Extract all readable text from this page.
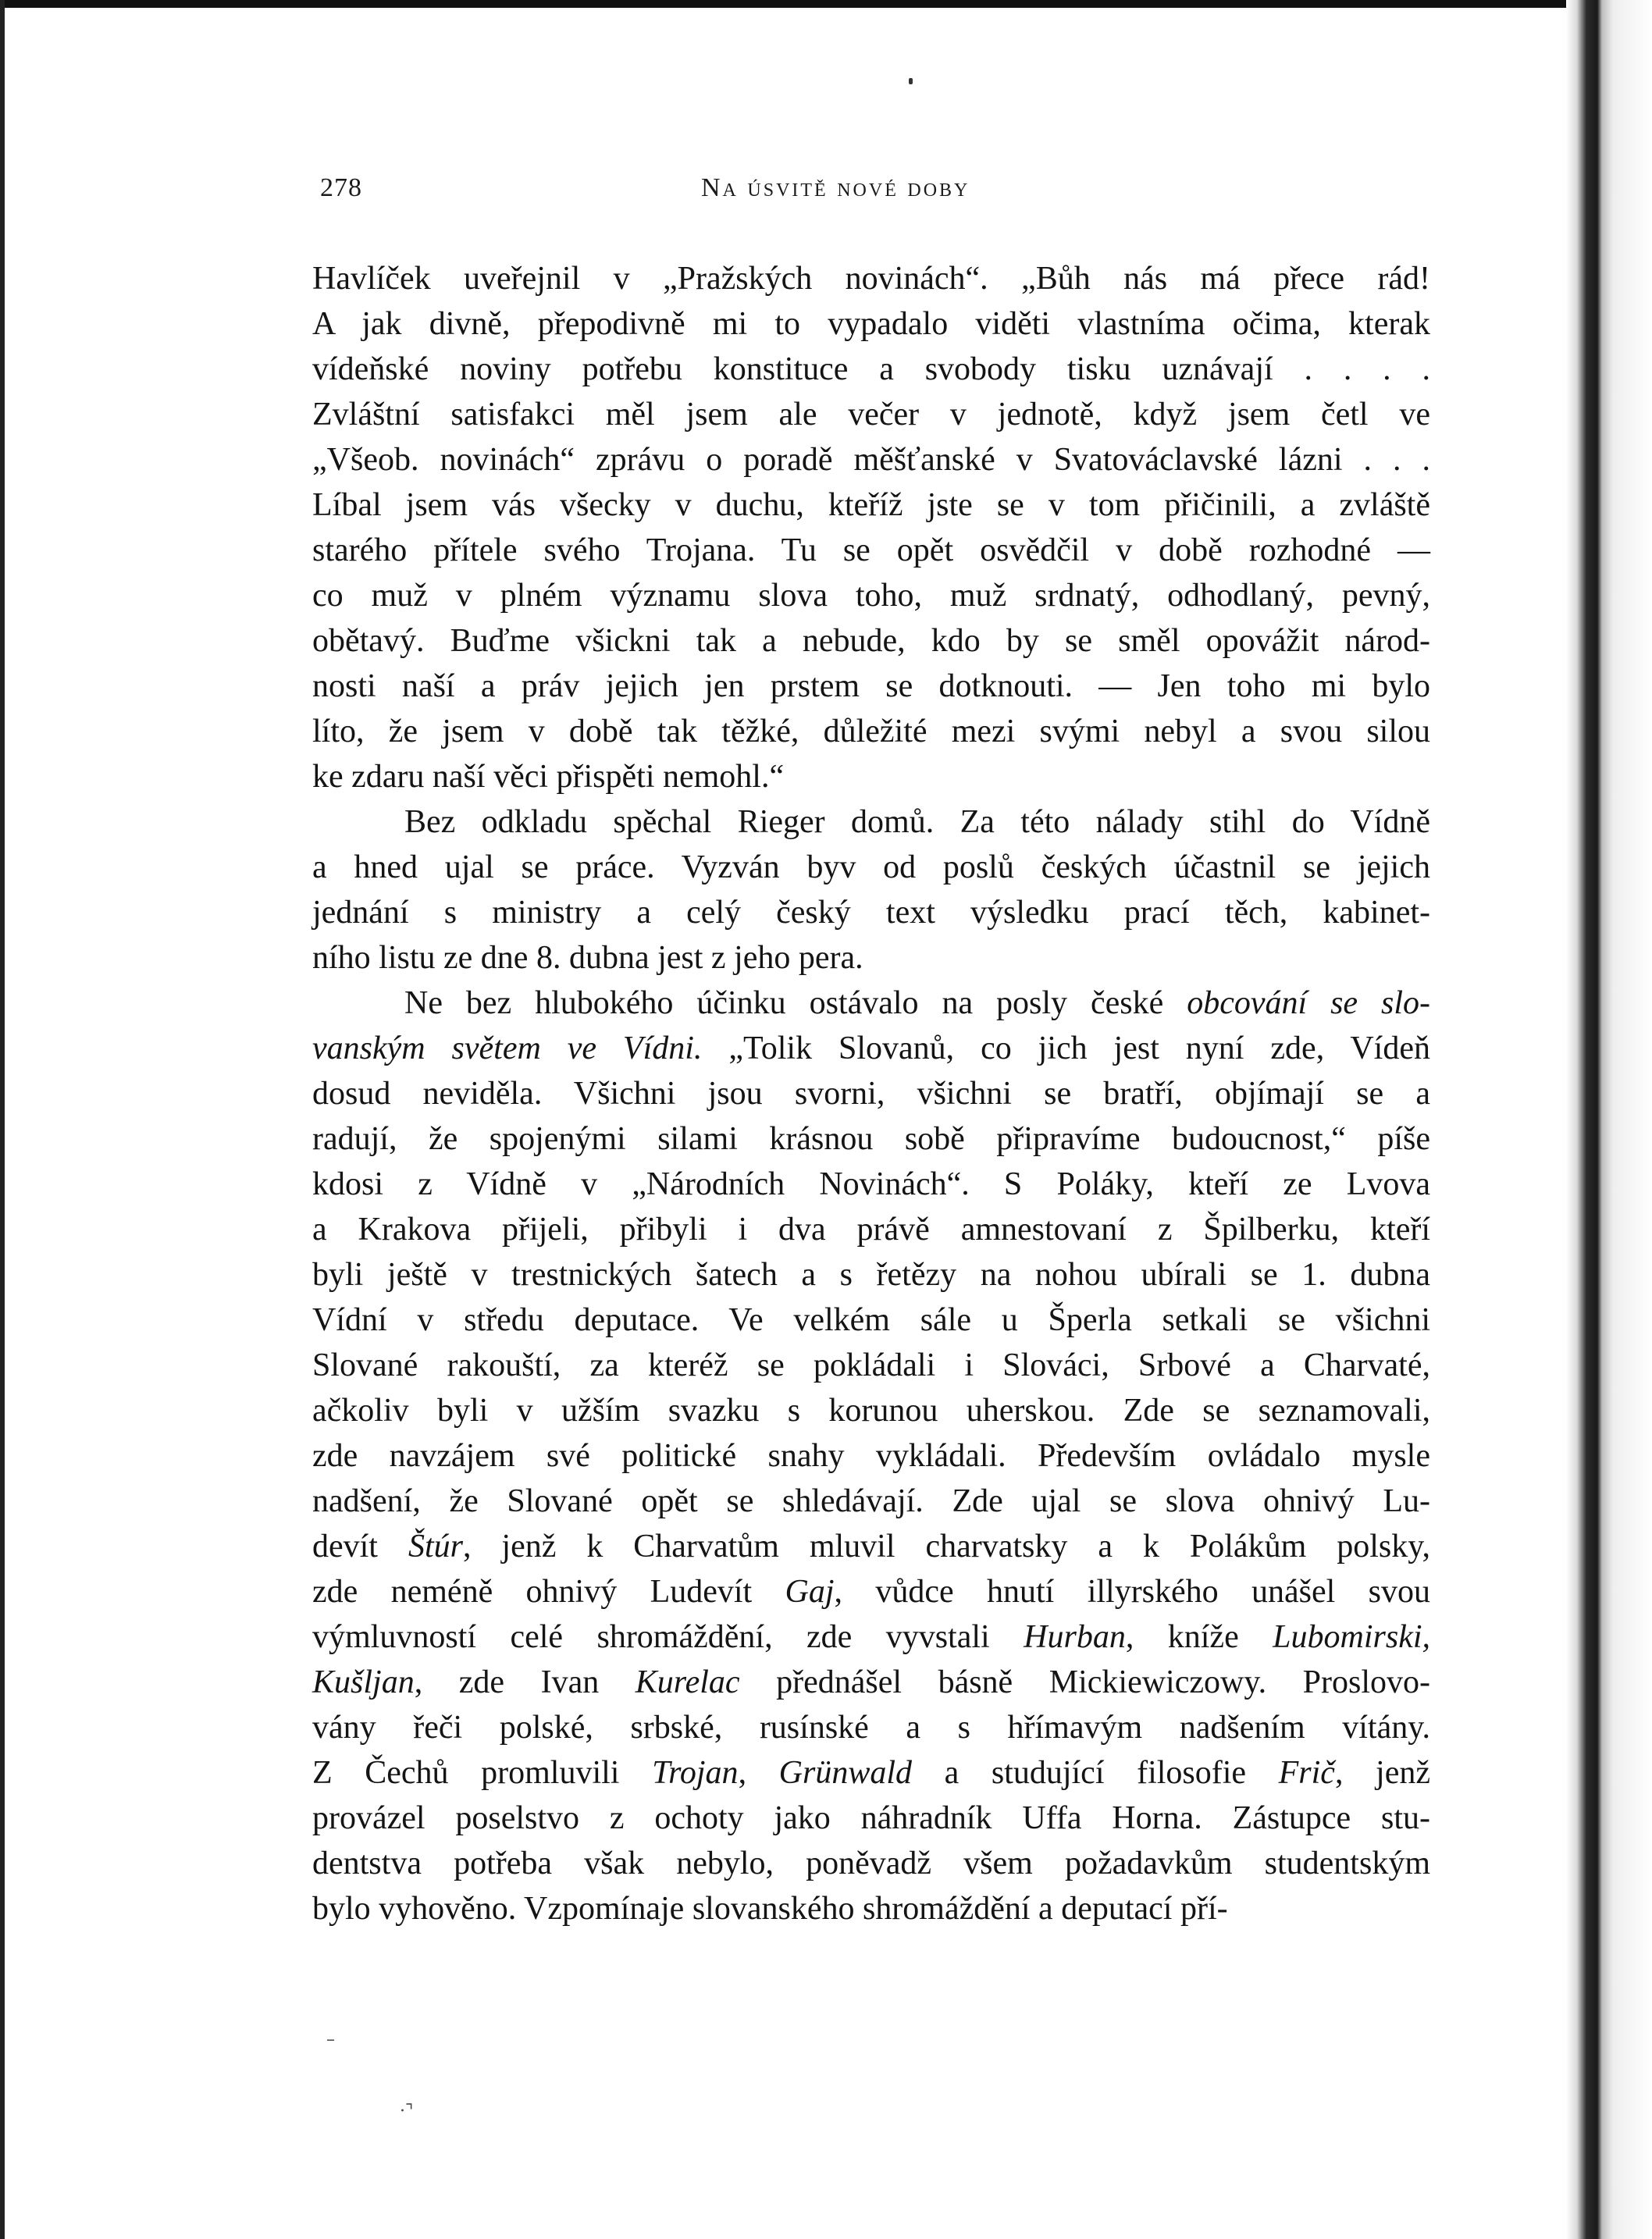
–
·⌝
278	Na úsvitě nové doby
Havlíček uveřejnil v „Pražských novinách“. „Bůh nás má přece rád!
A jak divně, přepodivně mi to vypadalo viděti vlastníma očima, kterak
vídeňské noviny potřebu konstituce a svobody tisku uznávají . . . .
Zvláštní satisfakci měl jsem ale večer v jednotě, když jsem četl ve
„Všeob. novinách“ zprávu o poradě měšťanské v Svatováclavské lázni . . .
Líbal jsem vás všecky v duchu, kteříž jste se v tom přičinili, a zvláště
starého přítele svého Trojana. Tu se opět osvědčil v době rozhodné —
co muž v plném významu slova toho, muž srdnatý, odhodlaný, pevný,
obětavý. Buďme všickni tak a nebude, kdo by se směl opovážit národ-
nosti naší a práv jejich jen prstem se dotknouti. — Jen toho mi bylo
líto, že jsem v době tak těžké, důležité mezi svými nebyl a svou silou
ke zdaru naší věci přispěti nemohl.“
Bez odkladu spěchal Rieger domů. Za této nálady stihl do Vídně
a hned ujal se práce. Vyzván byv od poslů českých účastnil se jejich
jednání s ministry a celý český text výsledku prací těch, kabinet-
ního listu ze dne 8. dubna jest z jeho pera.
Ne bez hlubokého účinku ostávalo na posly české obcování se slo-
vanským světem ve Vídni. „Tolik Slovanů, co jich jest nyní zde, Vídeň
dosud neviděla. Všichni jsou svorni, všichni se bratří, objímají se a
radují, že spojenými silami krásnou sobě připravíme budoucnost,“ píše
kdosi z Vídně v „Národních Novinách“. S Poláky, kteří ze Lvova
a Krakova přijeli, přibyli i dva právě amnestovaní z Špilberku, kteří
byli ještě v trestnických šatech a s řetězy na nohou ubírali se 1. dubna
Vídní v středu deputace. Ve velkém sále u Šperla setkali se všichni
Slované rakouští, za kteréž se pokládali i Slováci, Srbové a Charvaté,
ačkoliv byli v užším svazku s korunou uherskou. Zde se seznamovali,
zde navzájem své politické snahy vykládali. Především ovládalo mysle
nadšení, že Slované opět se shledávají. Zde ujal se slova ohnivý Lu-
devít Štúr, jenž k Charvatům mluvil charvatsky a k Polákům polsky,
zde neméně ohnivý Ludevít Gaj, vůdce hnutí illyrského unášel svou
výmluvností celé shromáždění, zde vyvstali Hurban, kníže Lubomirski,
Kušljan, zde Ivan Kurelac přednášel básně Mickiewiczowy. Proslovo-
vány řeči polské, srbské, rusínské a s hřímavým nadšením vítány.
Z Čechů promluvili Trojan, Grünwald a studující filosofie Frič, jenž
provázel poselstvo z ochoty jako náhradník Uffa Horna. Zástupce stu-
dentstva potřeba však nebylo, poněvadž všem požadavkům studentským
bylo vyhověno. Vzpomínaje slovanského shromáždění a deputací pří-
